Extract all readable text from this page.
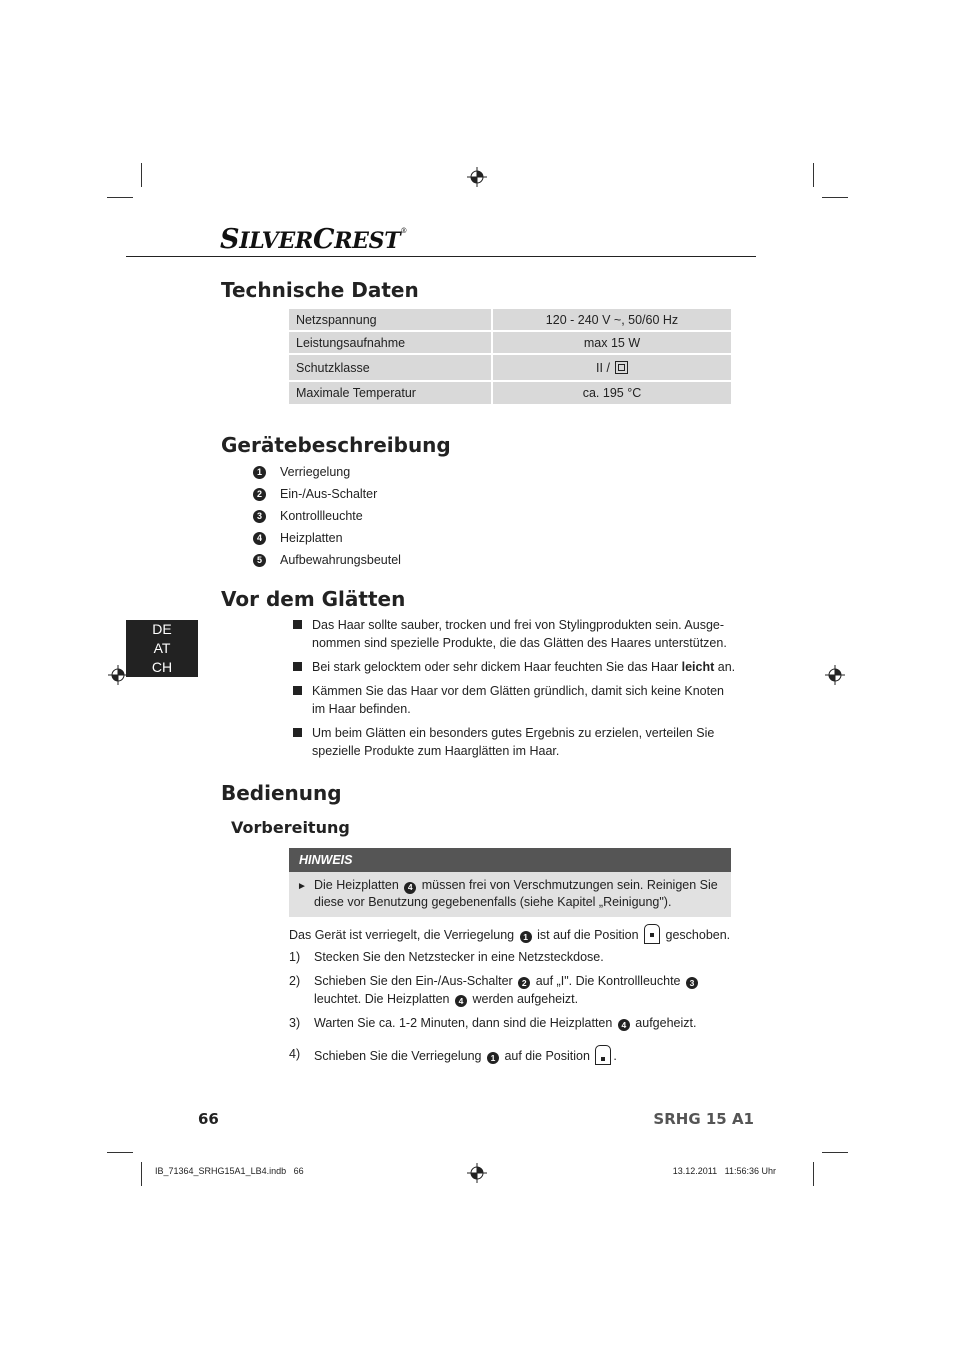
SILVERCREST®
Technische Daten
Netzspannung	120 - 240 V ~, 50/60 Hz
Leistungsaufnahme	max 15 W
Schutzklasse	II /
Maximale Temperatur	ca. 195 °C
Gerätebeschreibung
1	Verriegelung
2	Ein-/Aus-Schalter
3	Kontrollleuchte
4	Heizplatten
5	Aufbewahrungsbeutel
DE
AT
CH
Vor dem Glätten
Das Haar sollte sauber, trocken und frei von Stylingprodukten sein. Ausge-nommen sind spezielle Produkte, die das Glätten des Haares unterstützen.
Bei stark gelocktem oder sehr dickem Haar feuchten Sie das Haar leicht an.
Kämmen Sie das Haar vor dem Glätten gründlich, damit sich keine Knoten im Haar befinden.
Um beim Glätten ein besonders gutes Ergebnis zu erzielen, verteilen Sie spezielle Produkte zum Haarglätten im Haar.
Bedienung
Vorbereitung
HINWEIS
► Die Heizplatten 4 müssen frei von Verschmutzungen sein. Reinigen Sie diese vor Benutzung gegebenenfalls (siehe Kapitel „Reinigung").
Das Gerät ist verriegelt, die Verriegelung 1 ist auf die Position geschoben.
1)	Stecken Sie den Netzstecker in eine Netzsteckdose.
2)	Schieben Sie den Ein-/Aus-Schalter 2 auf „I". Die Kontrollleuchte 3 leuchtet. Die Heizplatten 4 werden aufgeheizt.
3)	Warten Sie ca. 1-2 Minuten, dann sind die Heizplatten 4 aufgeheizt.
4)	Schieben Sie die Verriegelung 1 auf die Position .
66	SRHG 15 A1
IB_71364_SRHG15A1_LB4.indb   66	13.12.2011   11:56:36 Uhr
